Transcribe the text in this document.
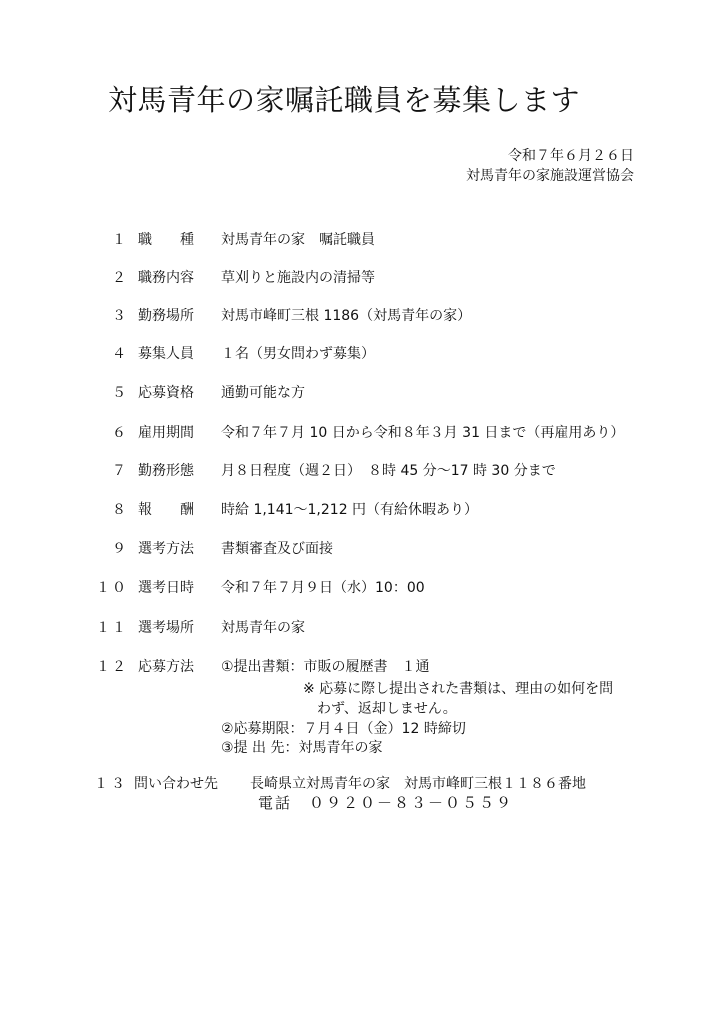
対馬青年の家嘱託職員を募集します
令和７年６月２６日
対馬青年の家施設運営協会
１ 職　　種 対馬青年の家　嘱託職員
２ 職務内容 草刈りと施設内の清掃等
３ 勤務場所 対馬市峰町三根 1186（対馬青年の家）
４ 募集人員 １名（男女問わず募集）
５ 応募資格 通勤可能な方
６ 雇用期間 令和７年７月 10 日から令和８年３月 31 日まで（再雇用あり）
７ 勤務形態 月８日程度（週２日）　８時 45 分～17 時 30 分まで
８ 報　　酬 時給 1,141～1,212 円（有給休暇あり）
９ 選考方法 書類審査及び面接
１０ 選考日時 令和７年７月９日（水）10：00
１１ 選考場所 対馬青年の家
１２ 応募方法 ①提出書類：市販の履歴書　１通
※ 応募に際し提出された書類は、理由の如何を問
わず、返却しません。
②応募期限：７月４日（金）12 時締切
③提 出 先：対馬青年の家
１３ 問い合わせ先 長崎県立対馬青年の家　対馬市峰町三根１１８６番地
電話　０９２０－８３－０５５９
